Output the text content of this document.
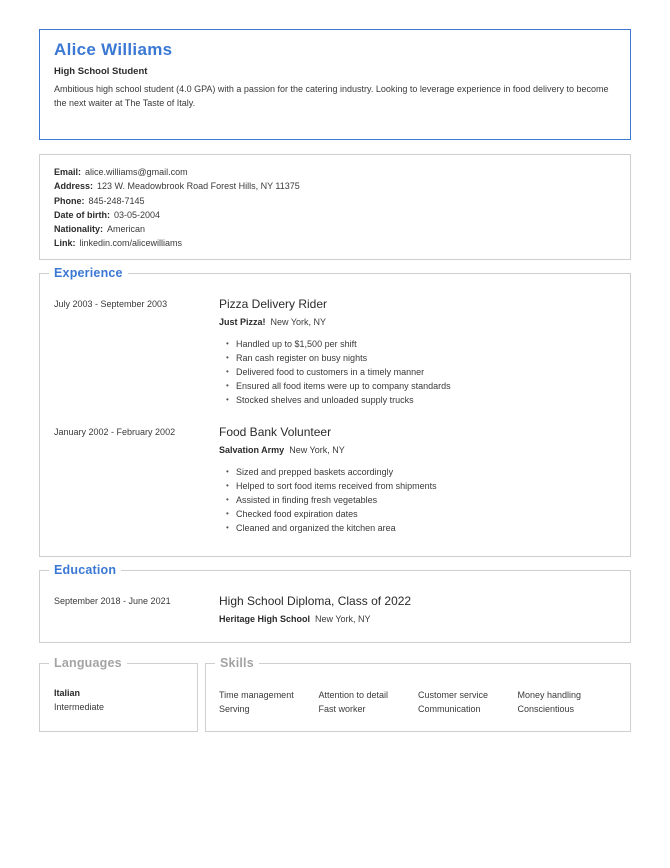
Alice Williams
High School Student
Ambitious high school student (4.0 GPA) with a passion for the catering industry. Looking to leverage experience in food delivery to become the next waiter at The Taste of Italy.
Email: alice.williams@gmail.com
Address: 123 W. Meadowbrook Road Forest Hills, NY 11375
Phone: 845-248-7145
Date of birth: 03-05-2004
Nationality: American
Link: linkedin.com/alicewilliams
Experience
July 2003 - September 2003	Pizza Delivery Rider
Just Pizza! New York, NY
• Handled up to $1,500 per shift
• Ran cash register on busy nights
• Delivered food to customers in a timely manner
• Ensured all food items were up to company standards
• Stocked shelves and unloaded supply trucks
January 2002 - February 2002	Food Bank Volunteer
Salvation Army New York, NY
• Sized and prepped baskets accordingly
• Helped to sort food items received from shipments
• Assisted in finding fresh vegetables
• Checked food expiration dates
• Cleaned and organized the kitchen area
Education
September 2018 - June 2021	High School Diploma, Class of 2022
Heritage High School New York, NY
Languages
Italian
Intermediate
Skills
Time management	Attention to detail	Customer service	Money handling
Serving	Fast worker	Communication	Conscientious
